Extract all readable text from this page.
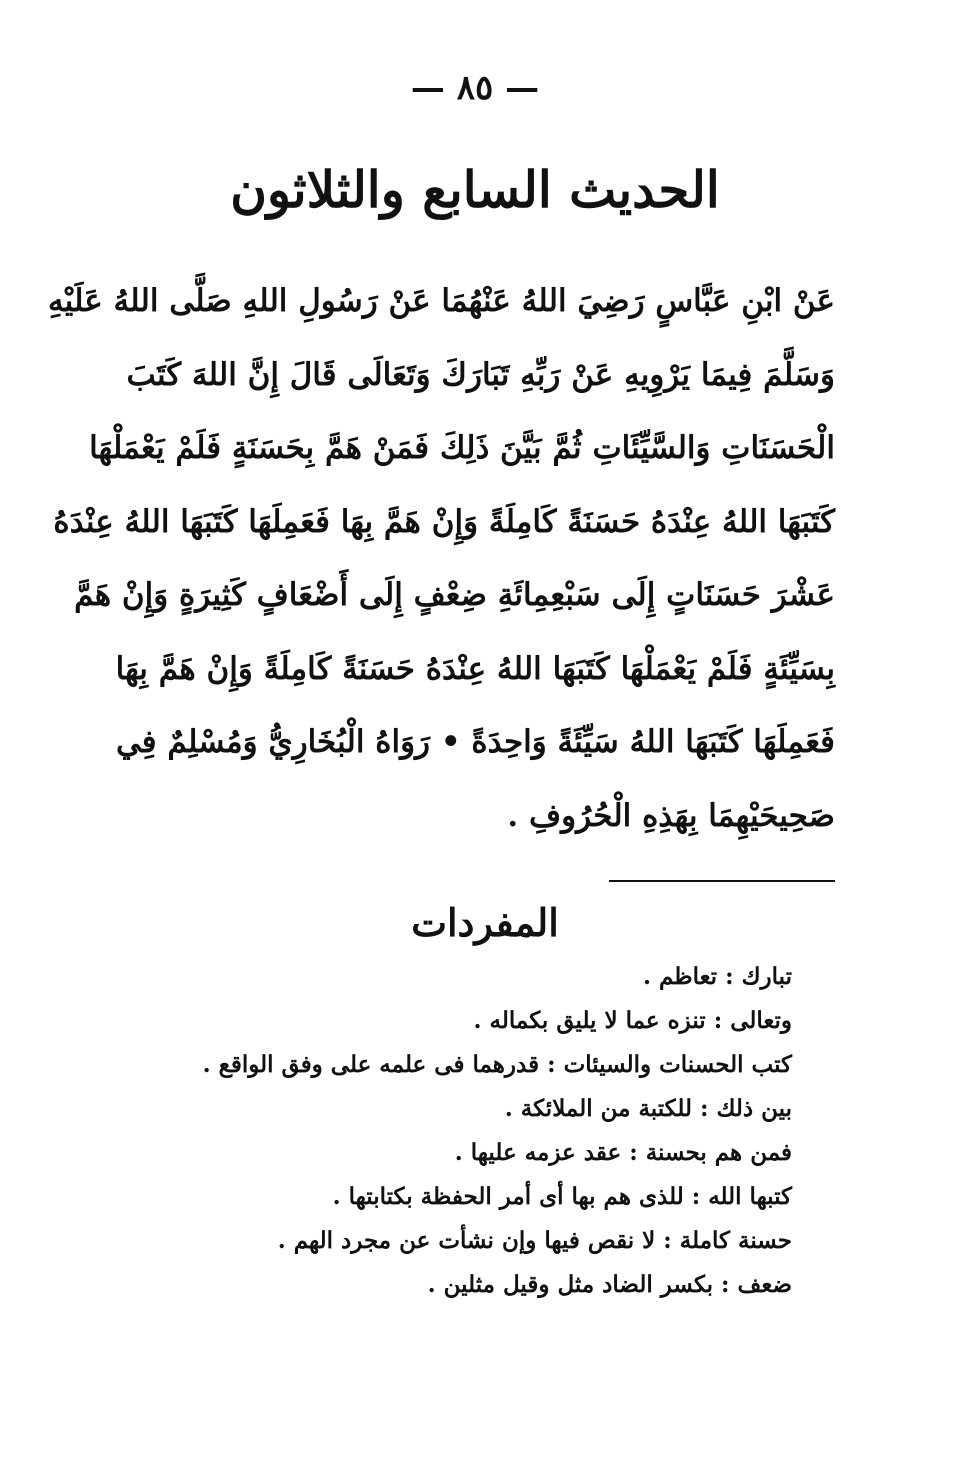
— ٨٥ —
الحديث السابع والثلاثون
عَنْ ابْنِ عَبَّاسٍ رَضِيَ اللهُ عَنْهُمَا عَنْ رَسُولِ اللهِ صَلَّى اللهُ عَلَيْهِ
وَسَلَّمَ فِيمَا يَرْوِيهِ عَنْ رَبِّهِ تَبَارَكَ وَتَعَالَى قَالَ إِنَّ اللهَ كَتَبَ
الْحَسَنَاتِ وَالسَّيِّئَاتِ ثُمَّ بَيَّنَ ذَلِكَ فَمَنْ هَمَّ بِحَسَنَةٍ فَلَمْ يَعْمَلْهَا
كَتَبَهَا اللهُ عِنْدَهُ حَسَنَةً كَامِلَةً وَإِنْ هَمَّ بِهَا فَعَمِلَهَا كَتَبَهَا اللهُ عِنْدَهُ
عَشْرَ حَسَنَاتٍ إِلَى سَبْعِمِائَةِ ضِعْفٍ إِلَى أَضْعَافٍ كَثِيرَةٍ وَإِنْ هَمَّ
بِسَيِّئَةٍ فَلَمْ يَعْمَلْهَا كَتَبَهَا اللهُ عِنْدَهُ حَسَنَةً كَامِلَةً وَإِنْ هَمَّ بِهَا
فَعَمِلَهَا كَتَبَهَا اللهُ سَيِّئَةً وَاحِدَةً • رَوَاهُ الْبُخَارِيُّ وَمُسْلِمٌ فِي
صَحِيحَيْهِمَا بِهَذِهِ الْحُرُوفِ .
المفردات
تبارك : تعاظم .
وتعالى : تنزه عما لا يليق بكماله .
كتب الحسنات والسيئات : قدرهما فى علمه على وفق الواقع .
بين ذلك : للكتبة من الملائكة .
فمن هم بحسنة : عقد عزمه عليها .
كتبها الله : للذى هم بها أى أمر الحفظة بكتابتها .
حسنة كاملة : لا نقص فيها وإن نشأت عن مجرد الهم .
ضعف : بكسر الضاد مثل وقيل مثلين .
